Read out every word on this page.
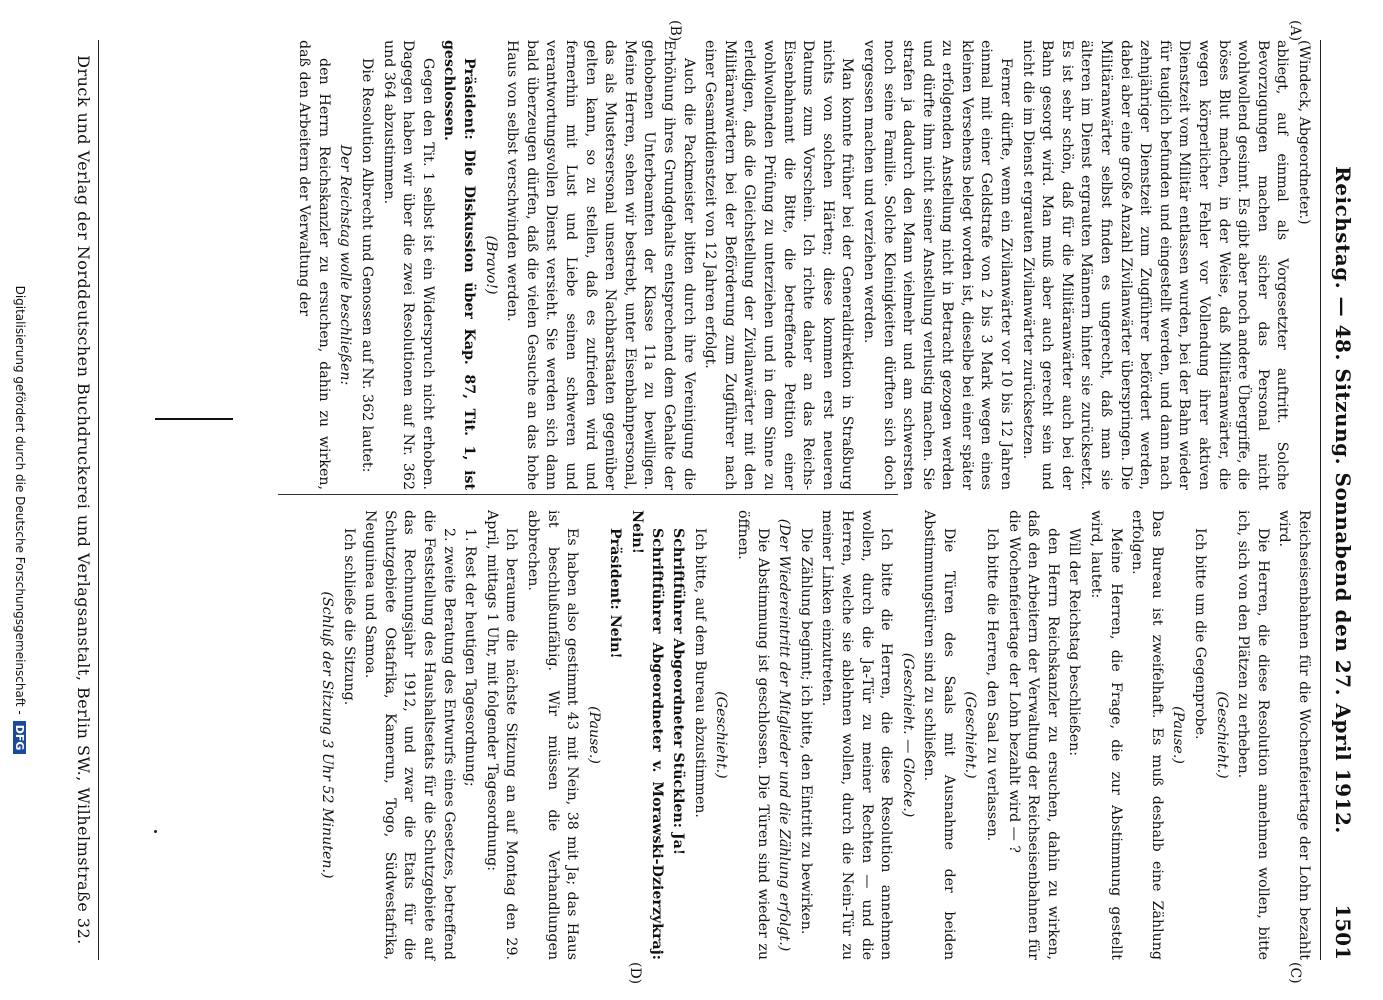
Reichstag. — 48. Sitzung. Sonnabend den 27. April 1912.
1501
(A)
(B)
(C)
(D)

(Windeck, Abgeordneter.)

abliegt, auf einmal als Vorgesetzter auftritt. Solche Bevorzugungen machen sicher das Personal nicht wohlwollend gesinnt. Es gibt aber noch andere Übergriffe, die böses Blut machen, in der Weise, daß Militäranwärter, die wegen körperlicher Fehler vor Vollendung ihrer aktiven Dienstzeit vom Militär entlassen wurden, bei der Bahn wieder für tauglich befunden und eingestellt werden, und dann nach zehnjähriger Dienstzeit zum Zugführer befördert werden, dabei aber eine große Anzahl Zivilanwärter überspringen. Die Militäranwärter selbst finden es ungerecht, daß man sie älteren im Dienst ergrauten Männern hinter sie zurücksetzt. Es ist sehr schön, daß für die Militäranwärter auch bei der Bahn gesorgt wird. Man muß aber auch gerecht sein und nicht die im Dienst ergrauten Zivilanwärter zurücksetzen.

Ferner dürfte, wenn ein Zivilanwärter vor 10 bis 12 Jahren einmal mit einer Geldstrafe von 2 bis 3 Mark wegen eines kleinen Versehens belegt worden ist, dieselbe bei einer später zu erfolgenden Anstellung nicht in Betracht gezogen werden und dürfte ihm nicht seiner Anstellung verlustig machen. Sie strafen ja dadurch den Mann vielmehr und am schwersten noch seine Familie. Solche Kleinigkeiten dürften sich doch vergessen machen und verziehen werden.

Man konnte früher bei der Generaldirektion in Straßburg nichts von solchen Härten; diese kommen erst neueren Datums zum Vorschein. Ich richte daher an das Reichs-Eisenbahnamt die Bitte, die betreffende Petition einer wohlwollenden Prüfung zu unterziehen und in dem Sinne zu erledigen, daß die Gleichstellung der Zivilanwärter mit den Militäranwärtern bei der Beförderung zum Zugführer nach einer Gesamtdienstzeit von 12 Jahren erfolgt.

Auch die Packmeister bitten durch ihre Vereinigung die Erhöhung ihres Grundgehalts entsprechend dem Gehalte der gehobenen Unterbeamten der Klasse 11a zu bewilligen. Meine Herren, sehen wir bestrebt, unter Eisenbahnpersonal, das als Mustersersonal unseren Nachbarstaaten gegenüber gelten kann, so zu stellen, daß es zufrieden wird und fernerhin mit Lust und Liebe seinen schweren und verantwortungsvollen Dienst versieht. Sie werden sich dann bald überzeugen dürfen, daß die vielen Gesuche an das hohe Haus von selbst verschwinden werden.

(Bravo!)

Präsident: Die Diskussion über Kap. 87, Tit. 1, ist geschlossen.

Gegen den Tit. 1 selbst ist ein Widerspruch nicht erhoben. Dagegen haben wir über die zwei Resolutionen auf Nr. 362 und 364 abzustimmen.

Die Resolution Albrecht und Genossen auf Nr. 362 lautet:

Der Reichstag wolle beschließen:

den Herrn Reichskanzler zu ersuchen, dahin zu wirken, daß den Arbeitern der Verwaltung der

Reichseisenbahnen für die Wochenfeiertage der Lohn bezahlt wird.

Die Herren, die diese Resolution annehmen wollen, bitte ich, sich von den Plätzen zu erheben.

(Geschieht.)

Ich bitte um die Gegenprobe.

(Pause.)

Das Bureau ist zweifelhaft. Es muß deshalb eine Zählung erfolgen.

Meine Herren, die Frage, die zur Abstimmung gestellt wird, lautet:

Will der Reichstag beschließen:

den Herrn Reichskanzler zu ersuchen, dahin zu wirken, daß den Arbeitern der Verwaltung der Reichseisenbahnen für die Wochenfeiertage der Lohn bezahlt wird — ?

Ich bitte die Herren, den Saal zu verlassen.

(Geschieht.)

Die Türen des Saals mit Ausnahme der beiden Abstimmungstüren sind zu schließen.

(Geschieht. — Glocke.)

Ich bitte die Herren, die diese Resolution annehmen wollen, durch die Ja-Tür zu meiner Rechten — und die Herren, welche sie ablehnen wollen, durch die Nein-Tür zu meiner Linken einzutreten.

Die Zählung beginnt; ich bitte, den Eintritt zu bewirken.

(Der Wiedereintritt der Mitglieder und die Zählung erfolgt.)

Die Abstimmung ist geschlossen. Die Türen sind wieder zu öffnen.

(Geschieht.)

Ich bitte, auf dem Bureau abzustimmen.

Schriftführer Abgeordneter Stücklen: Ja!

Schriftführer Abgeordneter v. Morawski-Dzierzykraj: Nein!

Präsident: Nein!

(Pause.)

Es haben also gestimmt 43 mit Nein, 38 mit Ja; das Haus ist beschlußunfähig. Wir müssen die Verhandlungen abbrechen.

Ich beraume die nächste Sitzung an auf Montag den 29. April, mittags 1 Uhr, mit folgender Tagesordnung:

1. Rest der heutigen Tagesordnung;

2. zweite Beratung des Entwurfs eines Gesetzes, betreffend die Feststellung des Haushaltsetats für die Schutzgebiete auf das Rechnungsjahr 1912, und zwar die Etats für die Schutzgebiete Ostafrika, Kamerun, Togo, Südwestafrika, Neuguinea und Samoa.

Ich schließe die Sitzung.

(Schluß der Sitzung 3 Uhr 52 Minuten.)

Druck und Verlag der Norddeutschen Buchdruckerei und Verlagsanstalt, Berlin SW., Wilhelmstraße 32.
Digitalisierung gefördert durch die Deutsche Forschungsgemeinschaft -DFG
